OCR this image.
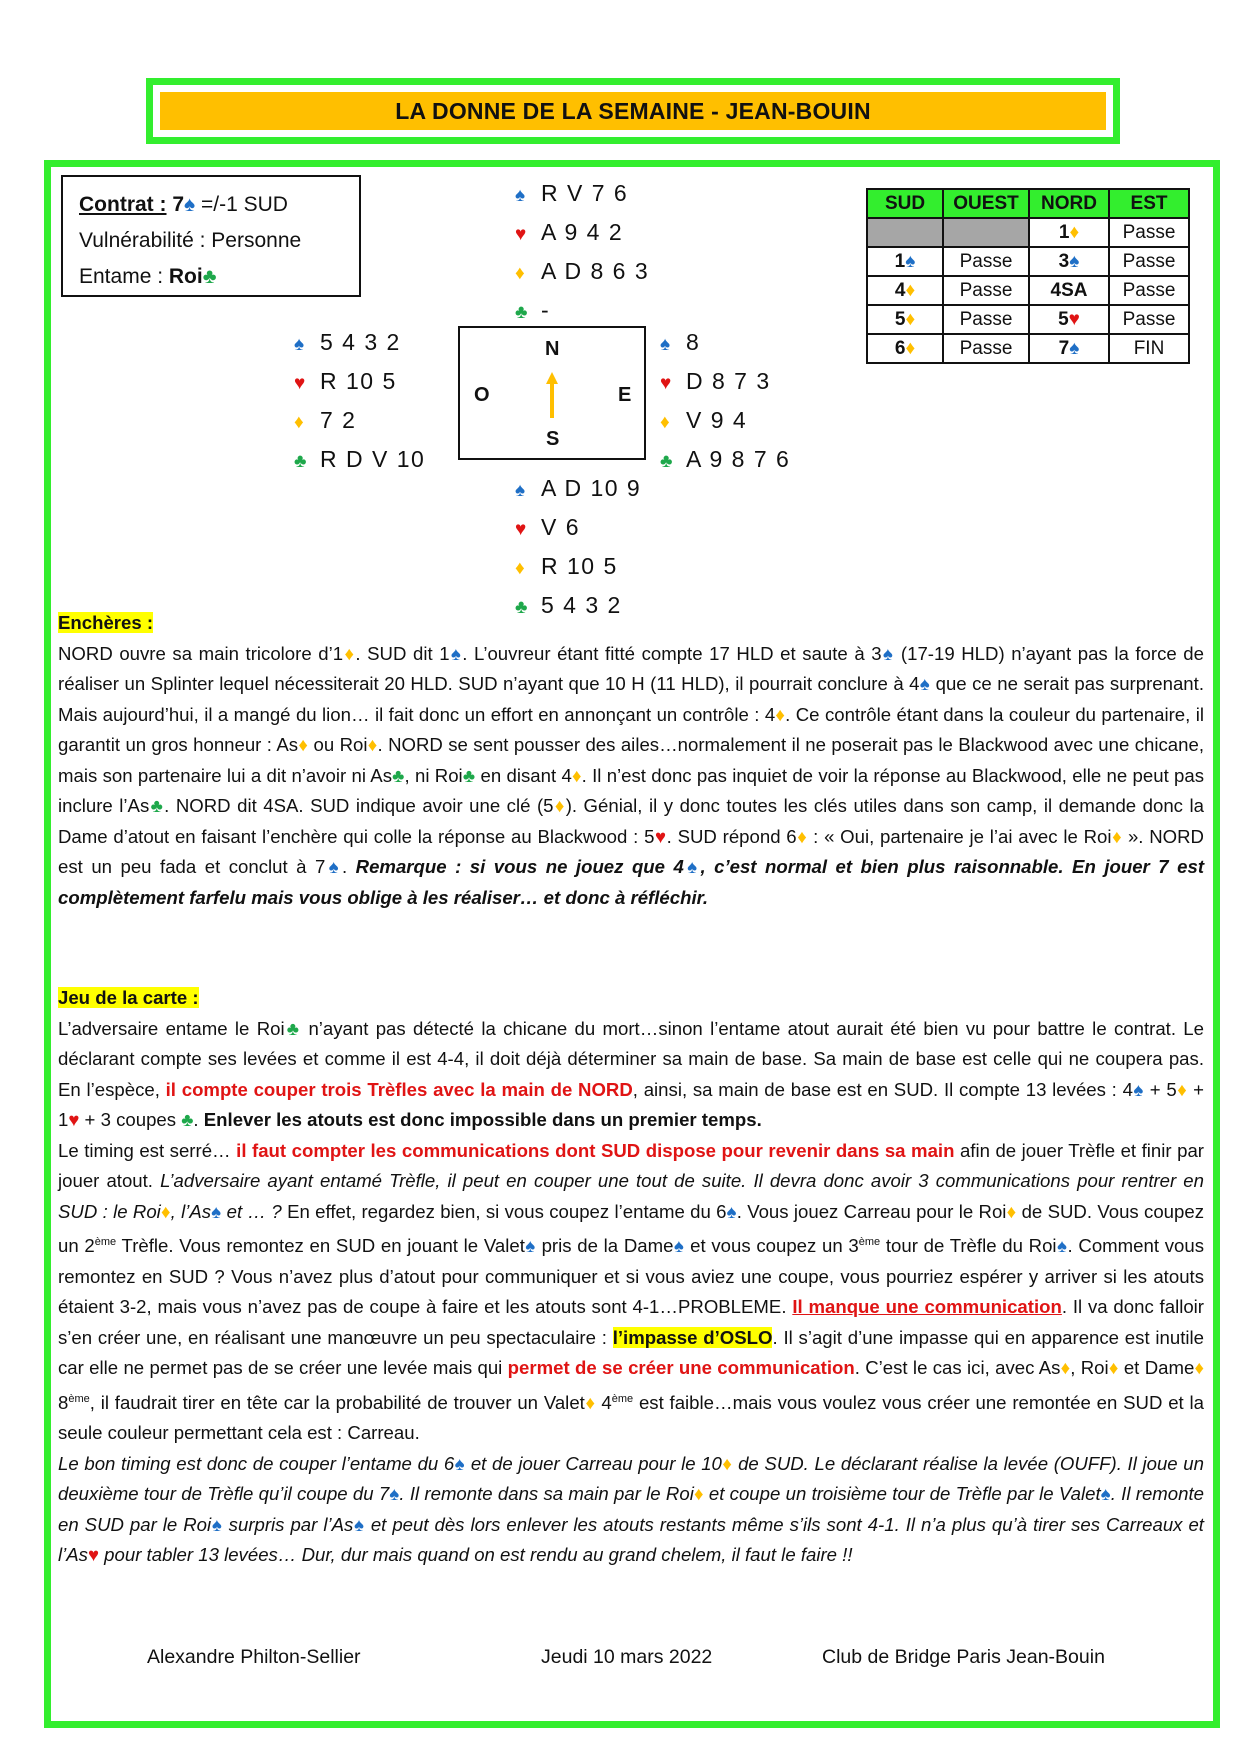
LA DONNE DE LA SEMAINE - JEAN-BOUIN
Contrat : 7♠ =/-1 SUD
Vulnérabilité : Personne
Entame : Roi♣
♠ R V 7 6
♥ A 9 4 2
♦ A D 8 6 3
♣ -
♠ 5 4 3 2
♥ R 10 5
♦ 7 2
♣ R D V 10
N
O	E
S
♠ 8
♥ D 8 7 3
♦ V 9 4
♣ A 9 8 7 6
♠ A D 10 9
♥ V 6
♦ R 10 5
♣ 5 4 3 2
SUD	OUEST	NORD	EST
		1♦	Passe
1♠	Passe	3♠	Passe
4♦	Passe	4SA	Passe
5♦	Passe	5♥	Passe
6♦	Passe	7♠	FIN
Enchères :
NORD ouvre sa main tricolore d’1♦. SUD dit 1♠. L’ouvreur étant fitté compte 17 HLD et saute à 3♠ (17-19 HLD) n’ayant pas la force de réaliser un Splinter lequel nécessiterait 20 HLD. SUD n’ayant que 10 H (11 HLD), il pourrait conclure à 4♠ que ce ne serait pas surprenant. Mais aujourd’hui, il a mangé du lion… il fait donc un effort en annonçant un contrôle : 4♦. Ce contrôle étant dans la couleur du partenaire, il garantit un gros honneur : As♦ ou Roi♦. NORD se sent pousser des ailes…normalement il ne poserait pas le Blackwood avec une chicane, mais son partenaire lui a dit n’avoir ni As♣, ni Roi♣ en disant 4♦. Il n’est donc pas inquiet de voir la réponse au Blackwood, elle ne peut pas inclure l’As♣. NORD dit 4SA. SUD indique avoir une clé (5♦). Génial, il y donc toutes les clés utiles dans son camp, il demande donc la Dame d’atout en faisant l’enchère qui colle la réponse au Blackwood : 5♥. SUD répond 6♦ : « Oui, partenaire je l’ai avec le Roi♦ ». NORD est un peu fada et conclut à 7♠. Remarque : si vous ne jouez que 4♠, c’est normal et bien plus raisonnable. En jouer 7 est complètement farfelu mais vous oblige à les réaliser… et donc à réfléchir.
Jeu de la carte :
L’adversaire entame le Roi♣ n’ayant pas détecté la chicane du mort…sinon l’entame atout aurait été bien vu pour battre le contrat. Le déclarant compte ses levées et comme il est 4-4, il doit déjà déterminer sa main de base. Sa main de base est celle qui ne coupera pas. En l’espèce, il compte couper trois Trèfles avec la main de NORD, ainsi, sa main de base est en SUD. Il compte 13 levées : 4♠ + 5♦ + 1♥ + 3 coupes ♣. Enlever les atouts est donc impossible dans un premier temps.
Le timing est serré… il faut compter les communications dont SUD dispose pour revenir dans sa main afin de jouer Trèfle et finir par jouer atout. L’adversaire ayant entamé Trèfle, il peut en couper une tout de suite. Il devra donc avoir 3 communications pour rentrer en SUD : le Roi♦, l’As♠ et … ? En effet, regardez bien, si vous coupez l’entame du 6♠. Vous jouez Carreau pour le Roi♦ de SUD. Vous coupez un 2ème Trèfle. Vous remontez en SUD en jouant le Valet♠ pris de la Dame♠ et vous coupez un 3ème tour de Trèfle du Roi♠. Comment vous remontez en SUD ? Vous n’avez plus d’atout pour communiquer et si vous aviez une coupe, vous pourriez espérer y arriver si les atouts étaient 3-2, mais vous n’avez pas de coupe à faire et les atouts sont 4-1…PROBLEME. Il manque une communication. Il va donc falloir s’en créer une, en réalisant une manœuvre un peu spectaculaire : l’impasse d’OSLO. Il s’agit d’une impasse qui en apparence est inutile car elle ne permet pas de se créer une levée mais qui permet de se créer une communication. C’est le cas ici, avec As♦, Roi♦ et Dame♦ 8ème, il faudrait tirer en tête car la probabilité de trouver un Valet♦ 4ème est faible…mais vous voulez vous créer une remontée en SUD et la seule couleur permettant cela est : Carreau.
Le bon timing est donc de couper l’entame du 6♠ et de jouer Carreau pour le 10♦ de SUD. Le déclarant réalise la levée (OUFF). Il joue un deuxième tour de Trèfle qu’il coupe du 7♠. Il remonte dans sa main par le Roi♦ et coupe un troisième tour de Trèfle par le Valet♠. Il remonte en SUD par le Roi♠ surpris par l’As♠ et peut dès lors enlever les atouts restants même s’ils sont 4-1. Il n’a plus qu’à tirer ses Carreaux et l’As♥ pour tabler 13 levées… Dur, dur mais quand on est rendu au grand chelem, il faut le faire !!
Alexandre Philton-Sellier	Jeudi 10 mars 2022	Club de Bridge Paris Jean-Bouin
